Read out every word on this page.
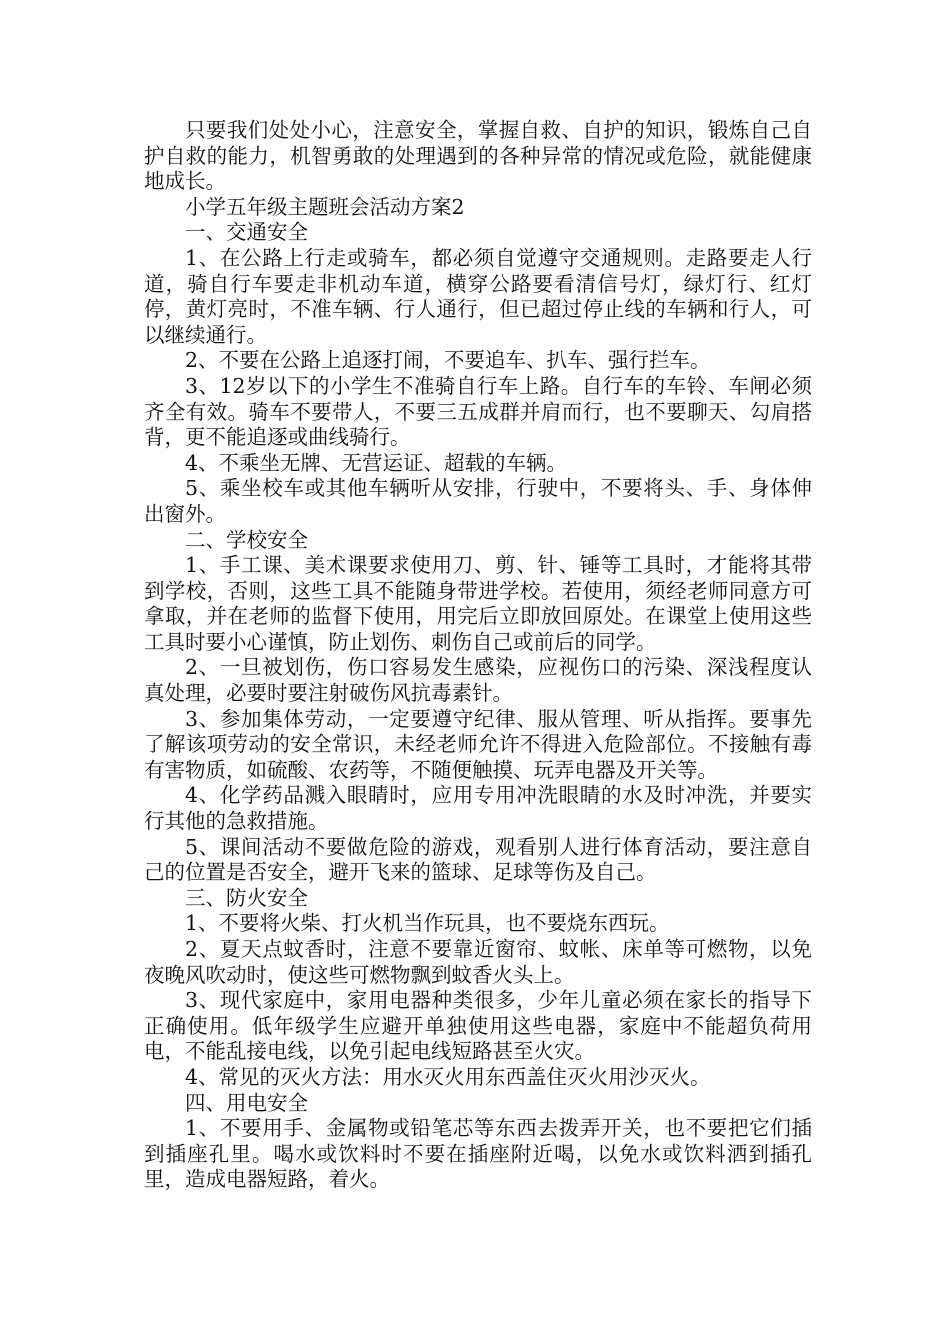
只要我们处处小心，注意安全，掌握自救、自护的知识，锻炼自己自护自救的能力，机智勇敢的处理遇到的各种异常的情况或危险，就能健康地成长。

小学五年级主题班会活动方案2

一、交通安全

1、在公路上行走或骑车，都必须自觉遵守交通规则。走路要走人行道，骑自行车要走非机动车道，横穿公路要看清信号灯，绿灯行、红灯停，黄灯亮时，不准车辆、行人通行，但已超过停止线的车辆和行人，可以继续通行。

2、不要在公路上追逐打闹，不要追车、扒车、强行拦车。

3、12岁以下的小学生不准骑自行车上路。自行车的车铃、车闸必须齐全有效。骑车不要带人，不要三五成群并肩而行，也不要聊天、勾肩搭背，更不能追逐或曲线骑行。

4、不乘坐无牌、无营运证、超载的车辆。

5、乘坐校车或其他车辆听从安排，行驶中，不要将头、手、身体伸出窗外。

二、学校安全

1、手工课、美术课要求使用刀、剪、针、锤等工具时，才能将其带到学校，否则，这些工具不能随身带进学校。若使用，须经老师同意方可拿取，并在老师的监督下使用，用完后立即放回原处。在课堂上使用这些工具时要小心谨慎，防止划伤、刺伤自己或前后的同学。

2、一旦被划伤，伤口容易发生感染，应视伤口的污染、深浅程度认真处理，必要时要注射破伤风抗毒素针。

3、参加集体劳动，一定要遵守纪律、服从管理、听从指挥。要事先了解该项劳动的安全常识，未经老师允许不得进入危险部位。不接触有毒有害物质，如硫酸、农药等，不随便触摸、玩弄电器及开关等。

4、化学药品溅入眼睛时，应用专用冲洗眼睛的水及时冲洗，并要实行其他的急救措施。

5、课间活动不要做危险的游戏，观看别人进行体育活动，要注意自己的位置是否安全，避开飞来的篮球、足球等伤及自己。

三、防火安全

1、不要将火柴、打火机当作玩具，也不要烧东西玩。

2、夏天点蚊香时，注意不要靠近窗帘、蚊帐、床单等可燃物，以免夜晚风吹动时，使这些可燃物飘到蚊香火头上。

3、现代家庭中，家用电器种类很多，少年儿童必须在家长的指导下正确使用。低年级学生应避开单独使用这些电器，家庭中不能超负荷用电，不能乱接电线，以免引起电线短路甚至火灾。

4、常见的灭火方法：用水灭火用东西盖住灭火用沙灭火。

四、用电安全

1、不要用手、金属物或铅笔芯等东西去拨弄开关，也不要把它们插到插座孔里。喝水或饮料时不要在插座附近喝，以免水或饮料洒到插孔里，造成电器短路，着火。
